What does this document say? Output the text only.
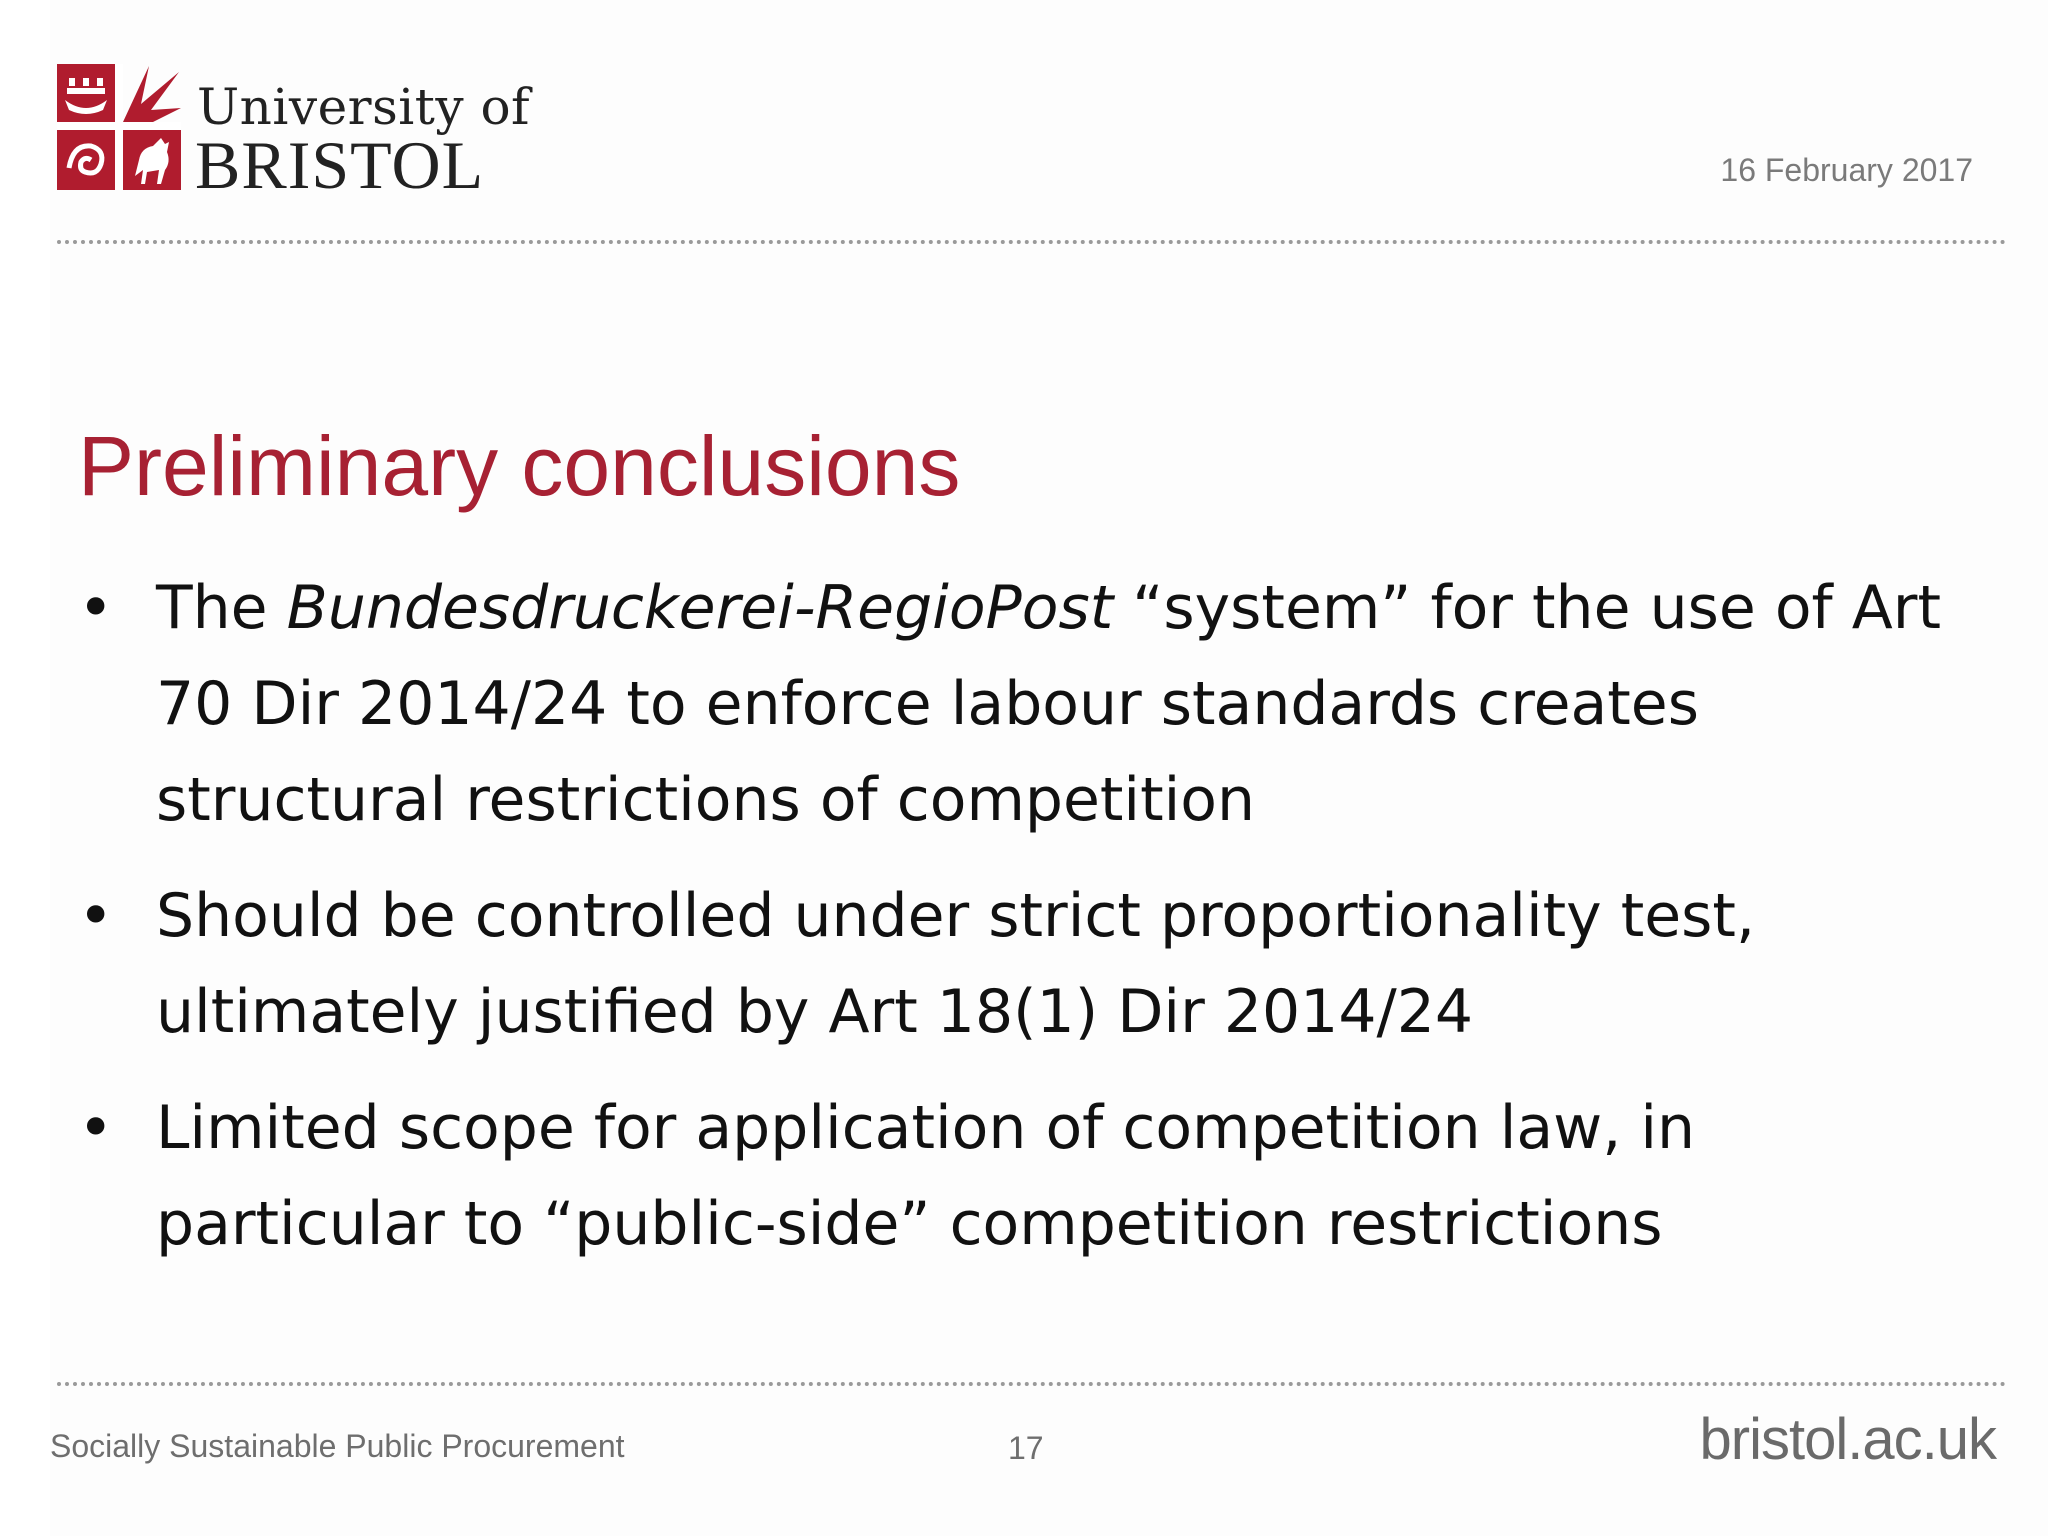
University of
BRISTOL	16 February 2017
Preliminary conclusions
• The Bundesdruckerei-RegioPost “system” for the use of Art 70 Dir 2014/24 to enforce labour standards creates structural restrictions of competition
• Should be controlled under strict proportionality test, ultimately justified by Art 18(1) Dir 2014/24
• Limited scope for application of competition law, in particular to “public-side” competition restrictions
Socially Sustainable Public Procurement	17	bristol.ac.uk
